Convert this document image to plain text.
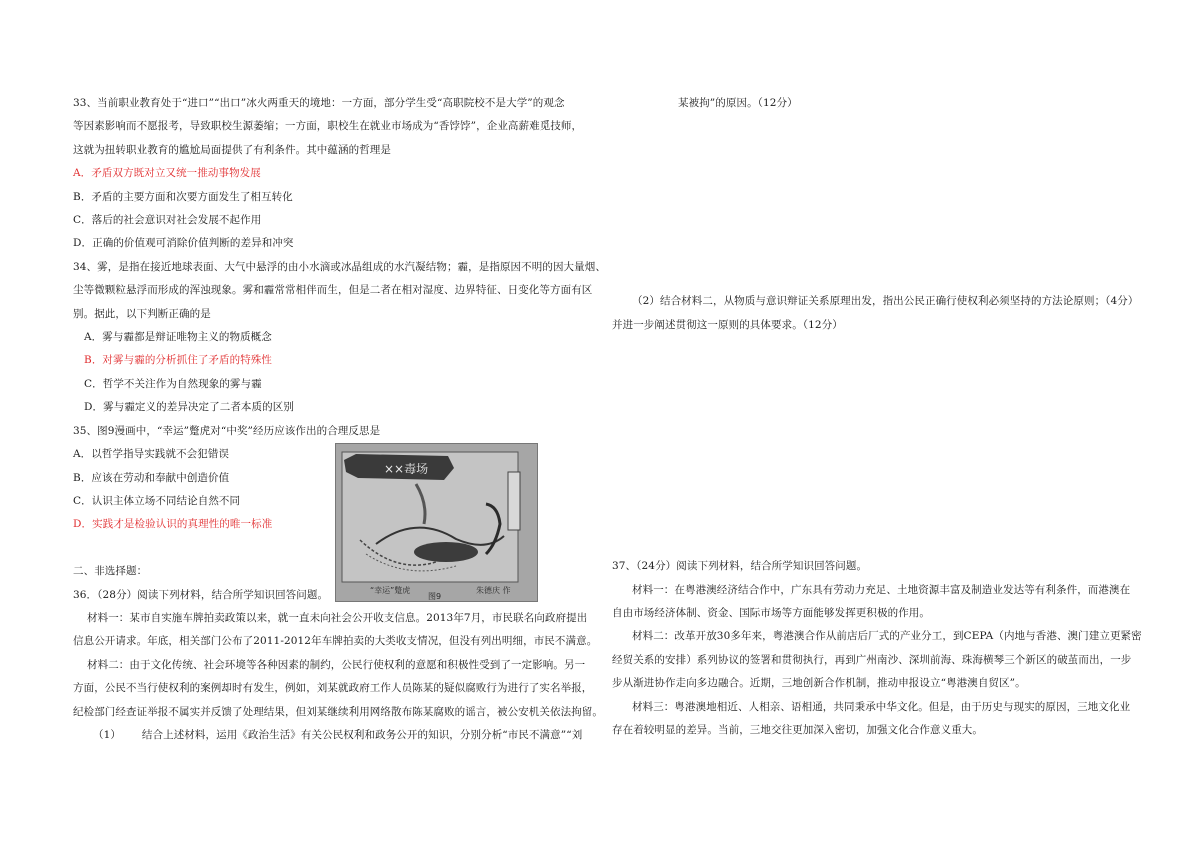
33、当前职业教育处于“进口”“出口”冰火两重天的境地：一方面，部分学生受“高职院校不是大学”的观念
等因素影响而不愿报考，导致职校生源萎缩；一方面，职校生在就业市场成为“香饽饽”，企业高薪难觅技师，
这就为扭转职业教育的尴尬局面提供了有利条件。其中蕴涵的哲理是
A．矛盾双方既对立又统一推动事物发展
B．矛盾的主要方面和次要方面发生了相互转化
C．落后的社会意识对社会发展不起作用
D．正确的价值观可消除价值判断的差异和冲突
34、雾，是指在接近地球表面、大气中悬浮的由小水滴或冰晶组成的水汽凝结物；霾，是指原因不明的因大量烟、
尘等微颗粒悬浮而形成的浑浊现象。雾和霾常常相伴而生，但是二者在相对湿度、边界特征、日变化等方面有区
别。据此，以下判断正确的是
A．雾与霾都是辩证唯物主义的物质概念
B．对雾与霾的分析抓住了矛盾的特殊性
C．哲学不关注作为自然现象的雾与霾
D．雾与霾定义的差异决定了二者本质的区别
35、图9漫画中，“幸运”蹩虎对“中奖”经历应该作出的合理反思是
A．以哲学指导实践就不会犯错误
B．应该在劳动和奉献中创造价值
C．认识主体立场不同结论自然不同
D．实践才是检验认识的真理性的唯一标准
二、非选择题：
36．（28分）阅读下列材料，结合所学知识回答问题。
材料一：某市自实施车牌拍卖政策以来，就一直未向社会公开收支信息。2013年7月，市民联名向政府提出
信息公开请求。年底，相关部门公布了2011-2012年车牌拍卖的大类收支情况，但没有列出明细，市民不满意。
材料二：由于文化传统、社会环境等各种因素的制约，公民行使权利的意愿和积极性受到了一定影响。另一
方面，公民不当行使权利的案例却时有发生，例如，刘某就政府工作人员陈某的疑似腐败行为进行了实名举报，
纪检部门经查证举报不属实并反馈了处理结果，但刘某继续利用网络散布陈某腐败的谣言，被公安机关依法拘留。
（1） 结合上述材料，运用《政治生活》有关公民权利和政务公开的知识，分别分析“市民不满意”“刘
××毒场
“幸运”蹩虎
图9
朱德庆 作
某被拘”的原因。（12分）
（2）结合材料二，从物质与意识辩证关系原理出发，指出公民正确行使权利必须坚持的方法论原则；（4分）
并进一步阐述贯彻这一原则的具体要求。（12分）
37、（24分）阅读下列材料，结合所学知识回答问题。
材料一：在粤港澳经济结合作中，广东具有劳动力充足、土地资源丰富及制造业发达等有利条件，而港澳在
自由市场经济体制、资金、国际市场等方面能够发挥更积极的作用。
材料二：改革开放30多年来，粤港澳合作从前店后厂式的产业分工，到CEPA（内地与香港、澳门建立更紧密
经贸关系的安排）系列协议的签署和贯彻执行，再到广州南沙、深圳前海、珠海横琴三个新区的破茧而出，一步
步从渐进协作走向多边融合。近期，三地创新合作机制，推动申报设立“粤港澳自贸区”。
材料三：粤港澳地相近、人相亲、语相通，共同秉承中华文化。但是，由于历史与现实的原因，三地文化业
存在着较明显的差异。当前，三地交往更加深入密切，加强文化合作意义重大。
